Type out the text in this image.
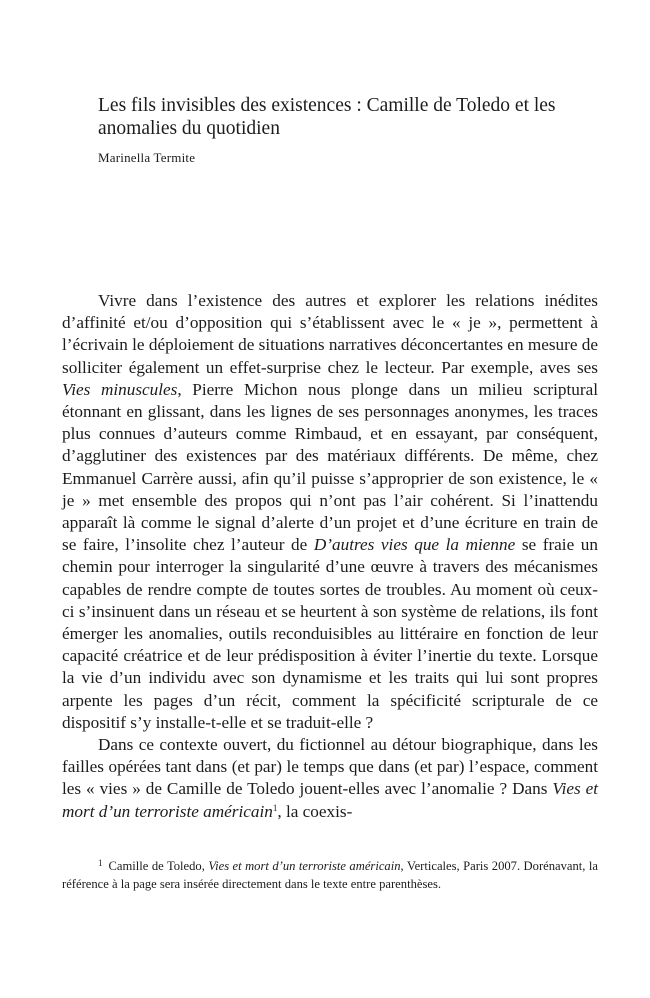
Les fils invisibles des existences : Camille de Toledo et les anomalies du quotidien
Marinella Termite

Vivre dans l’existence des autres et explorer les relations inédites d’affinité et/ou d’opposition qui s’établissent avec le « je », permettent à l’écrivain le déploiement de situations narratives déconcertantes en mesure de solliciter également un effet-surprise chez le lecteur. Par exemple, aves ses Vies minuscules, Pierre Michon nous plonge dans un milieu scriptural étonnant en glissant, dans les lignes de ses personnages anonymes, les traces plus connues d’auteurs comme Rimbaud, et en essayant, par conséquent, d’agglutiner des existences par des matériaux différents. De même, chez Emmanuel Carrère aussi, afin qu’il puisse s’approprier de son existence, le « je » met ensemble des propos qui n’ont pas l’air cohérent. Si l’inattendu apparaît là comme le signal d’alerte d’un projet et d’une écriture en train de se faire, l’insolite chez l’auteur de D’autres vies que la mienne se fraie un chemin pour interroger la singularité d’une œuvre à travers des mécanismes capables de rendre compte de toutes sortes de troubles. Au moment où ceux-ci s’insinuent dans un réseau et se heurtent à son système de relations, ils font émerger les anomalies, outils reconduisibles au littéraire en fonction de leur capacité créatrice et de leur prédisposition à éviter l’inertie du texte. Lorsque la vie d’un individu avec son dynamisme et les traits qui lui sont propres arpente les pages d’un récit, comment la spécificité scripturale de ce dispositif s’y installe-t-elle et se traduit-elle ?

Dans ce contexte ouvert, du fictionnel au détour biographique, dans les failles opérées tant dans (et par) le temps que dans (et par) l’espace, comment les « vies » de Camille de Toledo jouent-elles avec l’anomalie ? Dans Vies et mort d’un terroriste américain$^1$, la coexis-

$^1$ Camille de Toledo, Vies et mort d’un terroriste américain, Verticales, Paris 2007. Dorénavant, la référence à la page sera insérée directement dans le texte entre parenthèses.
